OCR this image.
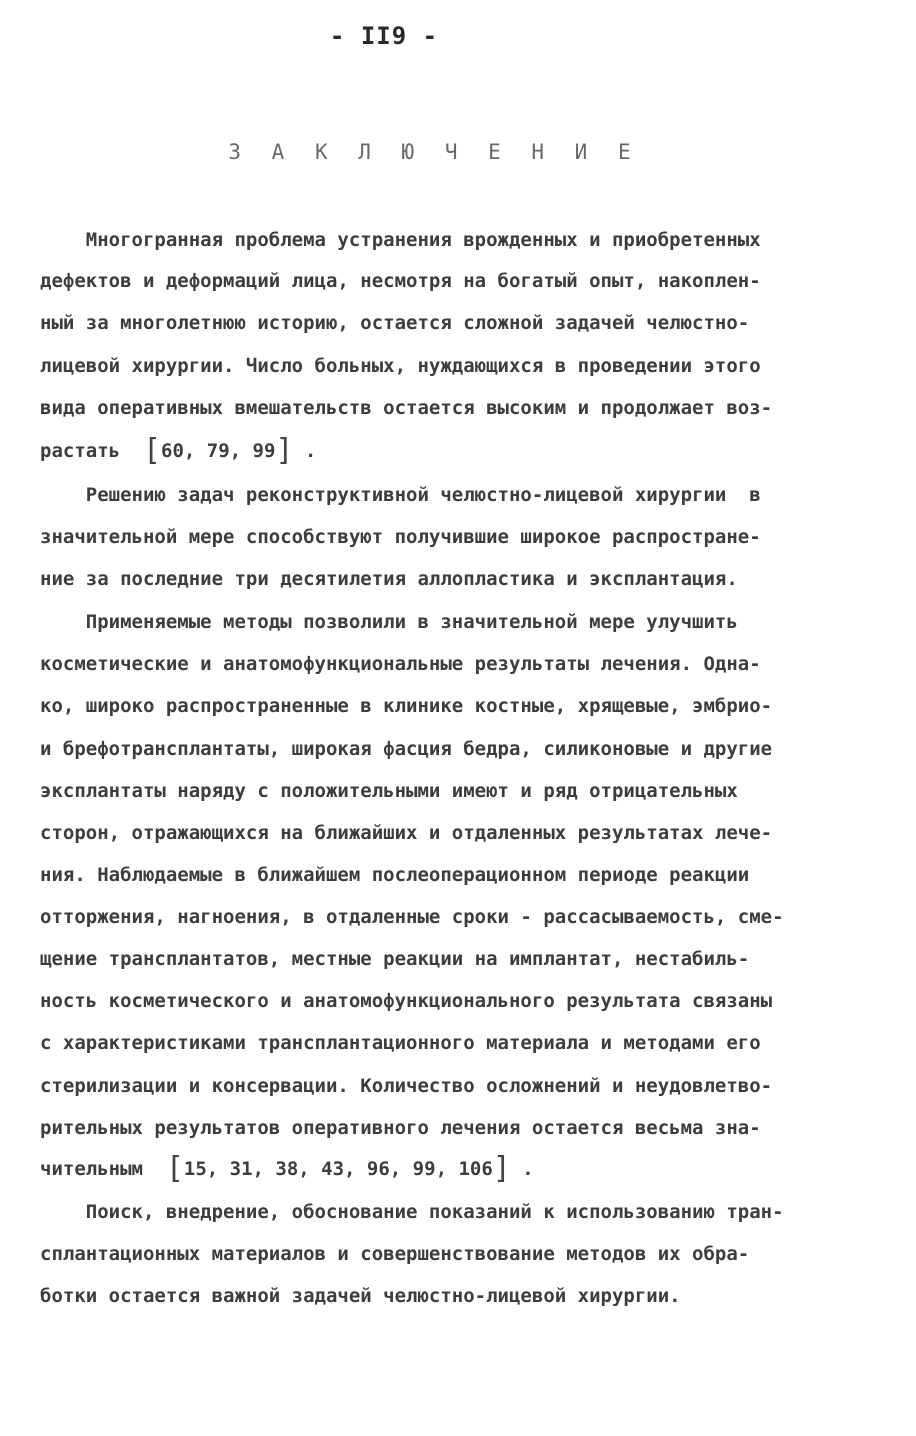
- II9 -
З А К Л Ю Ч Е Н И Е
Многогранная проблема устранения врожденных и приобретенных
дефектов и деформаций лица, несмотря на богатый опыт, накоплен-
ный за многолетнюю историю, остается сложной задачей челюстно-
лицевой хирургии. Число больных, нуждающихся в проведении этого
вида оперативных вмешательств остается высоким и продолжает воз-
растать  [60, 79, 99] .
Решению задач реконструктивной челюстно-лицевой хирургии  в
значительной мере способствуют получившие широкое распростране-
ние за последние три десятилетия аллопластика и эксплантация.
Применяемые методы позволили в значительной мере улучшить
косметические и анатомофункциональные результаты лечения. Одна-
ко, широко распространенные в клинике костные, хрящевые, эмбрио-
и брефотрансплантаты, широкая фасция бедра, силиконовые и другие
эксплантаты наряду с положительными имеют и ряд отрицательных
сторон, отражающихся на ближайших и отдаленных результатах лече-
ния. Наблюдаемые в ближайшем послеоперационном периоде реакции
отторжения, нагноения, в отдаленные сроки - рассасываемость, сме-
щение трансплантатов, местные реакции на имплантат, нестабиль-
ность косметического и анатомофункционального результата связаны
с характеристиками трансплантационного материала и методами его
стерилизации и консервации. Количество осложнений и неудовлетво-
рительных результатов оперативного лечения остается весьма зна-
чительным  [15, 31, 38, 43, 96, 99, 106] .
Поиск, внедрение, обоснование показаний к использованию тран-
сплантационных материалов и совершенствование методов их обра-
ботки остается важной задачей челюстно-лицевой хирургии.
